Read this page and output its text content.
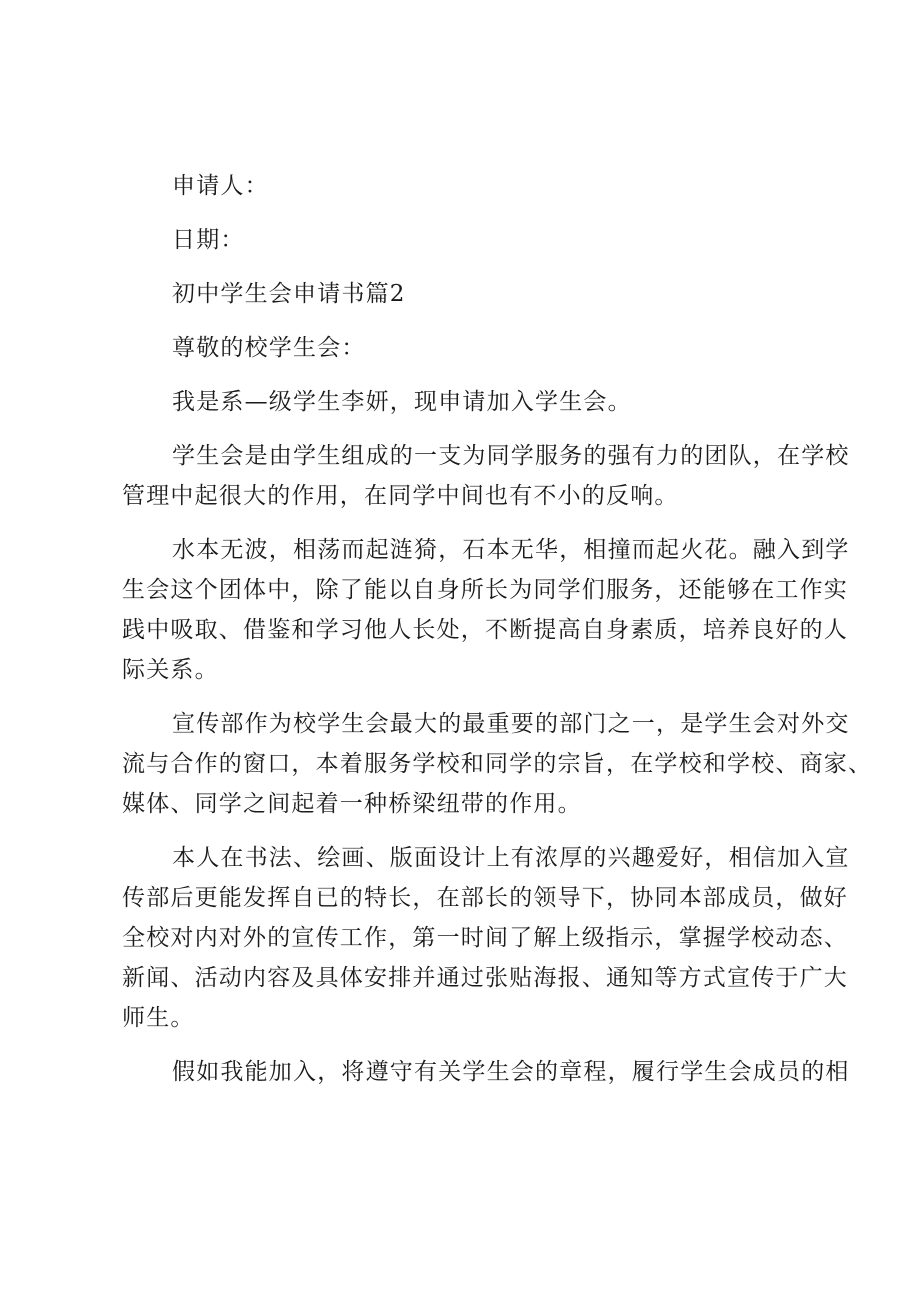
申请人：

日期：

初中学生会申请书篇2

尊敬的校学生会：

我是系—级学生李妍，现申请加入学生会。

学生会是由学生组成的一支为同学服务的强有力的团队，在学校

管理中起很大的作用，在同学中间也有不小的反响。

水本无波，相荡而起涟猗，石本无华，相撞而起火花。融入到学

生会这个团体中，除了能以自身所长为同学们服务，还能够在工作实

践中吸取、借鉴和学习他人长处，不断提高自身素质，培养良好的人

际关系。

宣传部作为校学生会最大的最重要的部门之一，是学生会对外交

流与合作的窗口，本着服务学校和同学的宗旨，在学校和学校、商家、

媒体、同学之间起着一种桥梁纽带的作用。

本人在书法、绘画、版面设计上有浓厚的兴趣爱好，相信加入宣

传部后更能发挥自已的特长，在部长的领导下，协同本部成员，做好

全校对内对外的宣传工作，第一时间了解上级指示，掌握学校动态、

新闻、活动内容及具体安排并通过张贴海报、通知等方式宣传于广大

师生。

假如我能加入，将遵守有关学生会的章程，履行学生会成员的相
